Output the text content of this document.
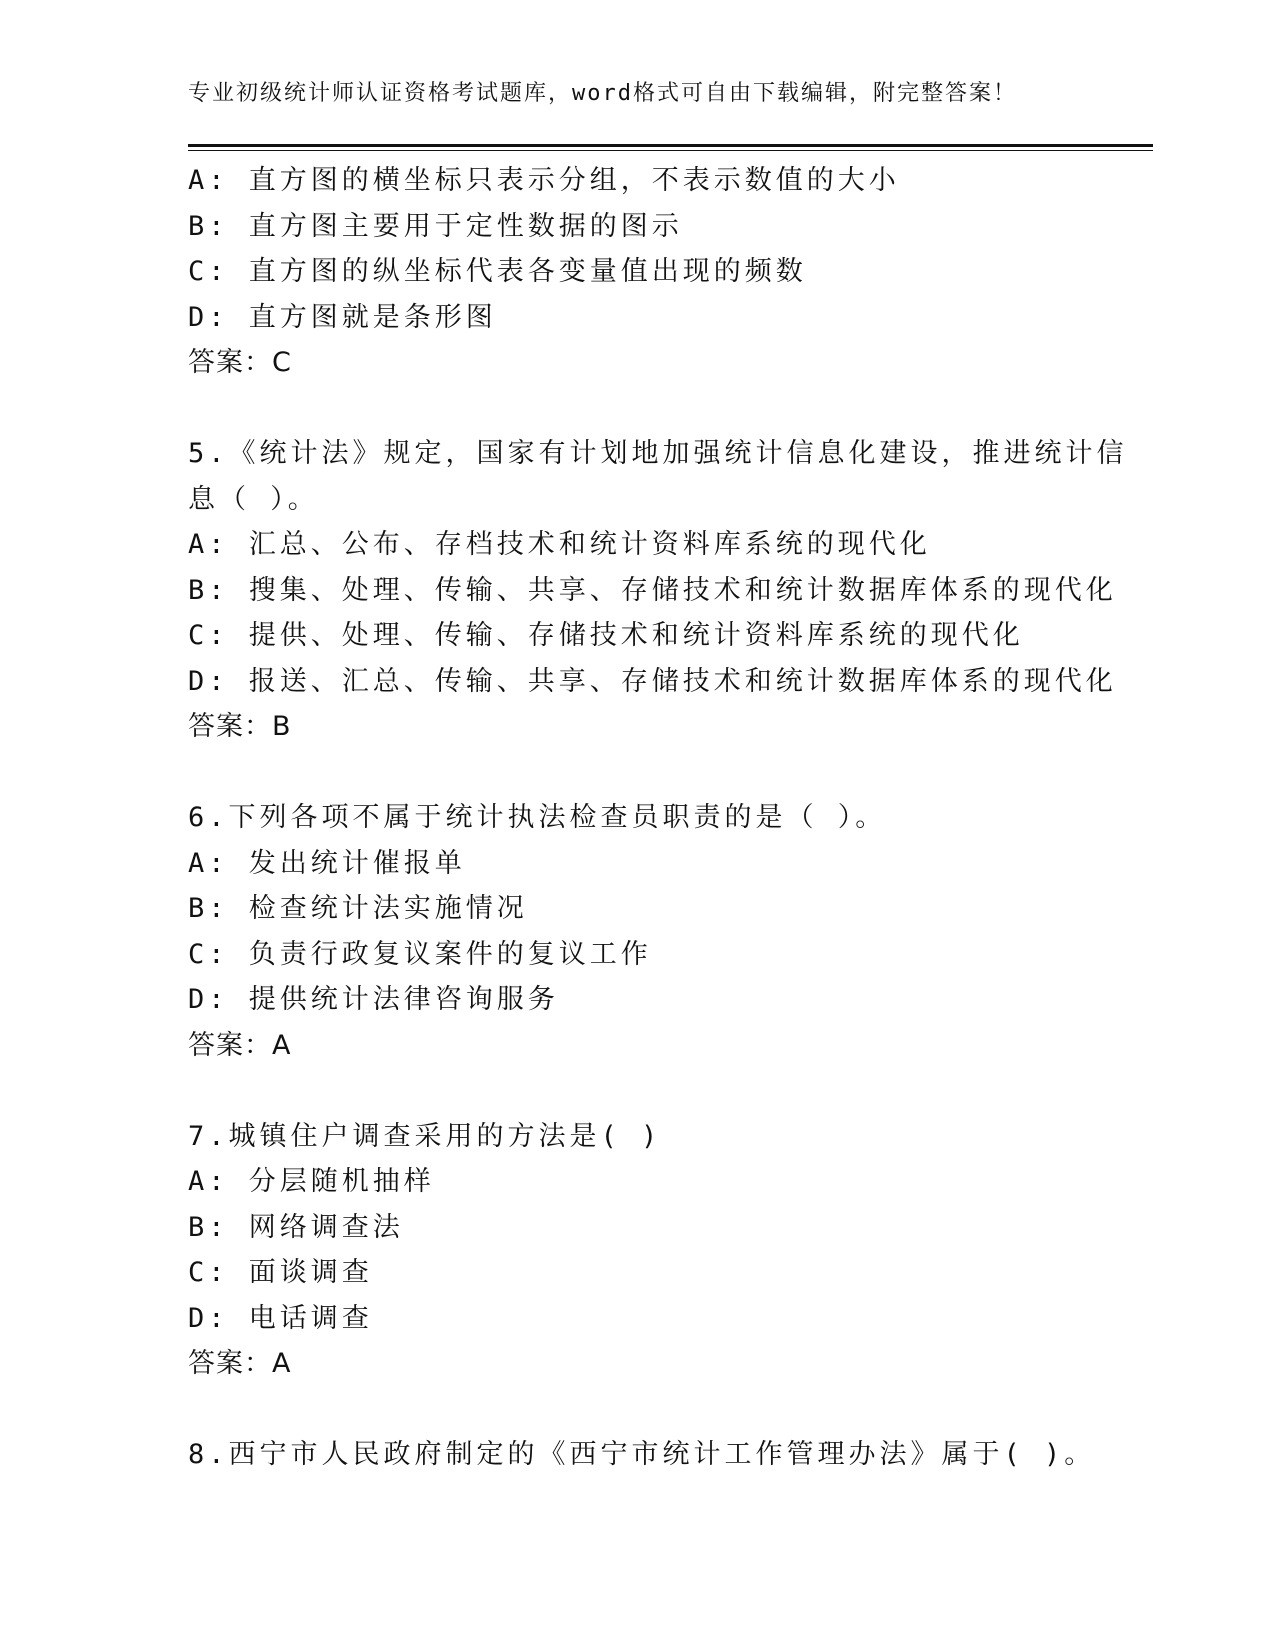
专业初级统计师认证资格考试题库，word格式可自由下载编辑，附完整答案！
A: 直方图的横坐标只表示分组，不表示数值的大小
B: 直方图主要用于定性数据的图示
C: 直方图的纵坐标代表各变量值出现的频数
D: 直方图就是条形图
答案：C
5.《统计法》规定，国家有计划地加强统计信息化建设，推进统计信
息（ ）。
A: 汇总、公布、存档技术和统计资料库系统的现代化
B: 搜集、处理、传输、共享、存储技术和统计数据库体系的现代化
C: 提供、处理、传输、存储技术和统计资料库系统的现代化
D: 报送、汇总、传输、共享、存储技术和统计数据库体系的现代化
答案：B
6.下列各项不属于统计执法检查员职责的是（ ）。
A: 发出统计催报单
B: 检查统计法实施情况
C: 负责行政复议案件的复议工作
D: 提供统计法律咨询服务
答案：A
7.城镇住户调查采用的方法是( )
A: 分层随机抽样
B: 网络调查法
C: 面谈调查
D: 电话调查
答案：A
8.西宁市人民政府制定的《西宁市统计工作管理办法》属于( )。
